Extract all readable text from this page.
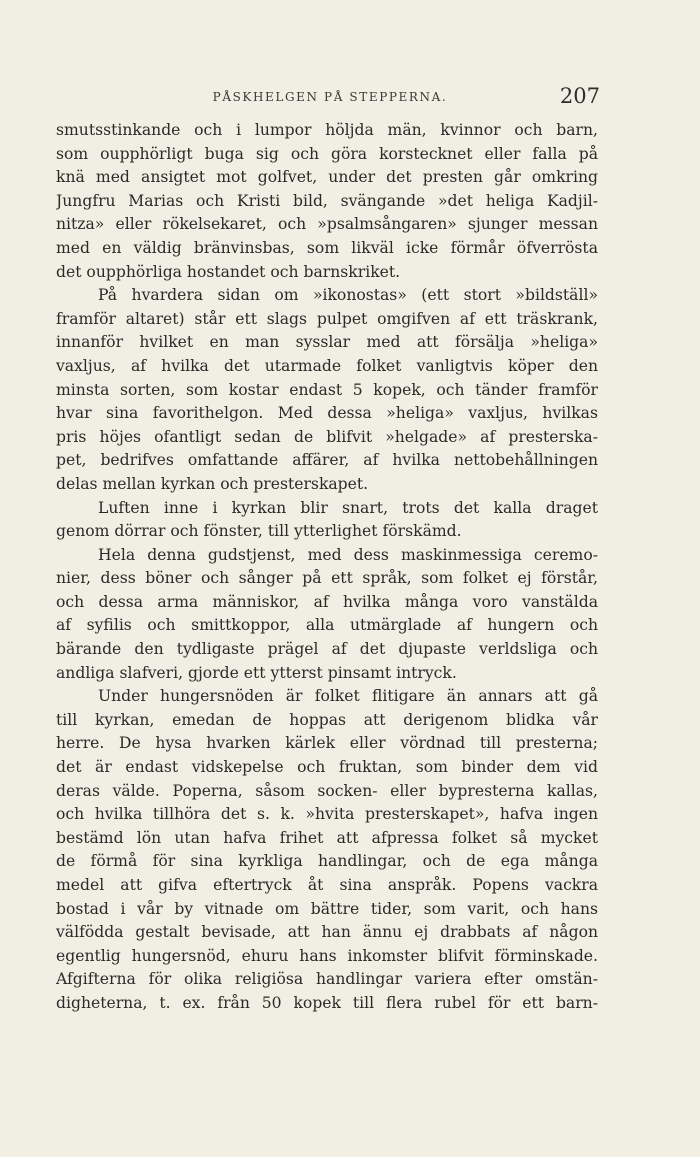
PÅSKHELGEN PÅ STEPPERNA.	207
smutsstinkande och i lumpor höljda män, kvinnor och barn,
som oupphörligt buga sig och göra korstecknet eller falla på
knä med ansigtet mot golfvet, under det presten går omkring
Jungfru Marias och Kristi bild, svängande »det heliga Kadjil-
nitza» eller rökelsekaret, och »psalmsångaren» sjunger messan
med en väldig bränvinsbas, som likväl icke förmår öfverrösta
det oupphörliga hostandet och barnskriket.
På hvardera sidan om »ikonostas» (ett stort »bildställ»
framför altaret) står ett slags pulpet omgifven af ett träskrank,
innanför hvilket en man sysslar med att försälja »heliga»
vaxljus, af hvilka det utarmade folket vanligtvis köper den
minsta sorten, som kostar endast 5 kopek, och tänder framför
hvar sina favorithelgon. Med dessa »heliga» vaxljus, hvilkas
pris höjes ofantligt sedan de blifvit »helgade» af presterska-
pet, bedrifves omfattande affärer, af hvilka nettobehållningen
delas mellan kyrkan och presterskapet.
Luften inne i kyrkan blir snart, trots det kalla draget
genom dörrar och fönster, till ytterlighet förskämd.
Hela denna gudstjenst, med dess maskinmessiga ceremo-
nier, dess böner och sånger på ett språk, som folket ej förstår,
och dessa arma människor, af hvilka många voro vanstälda
af syfilis och smittkoppor, alla utmärglade af hungern och
bärande den tydligaste prägel af det djupaste verldsliga och
andliga slafveri, gjorde ett ytterst pinsamt intryck.
Under hungersnöden är folket flitigare än annars att gå
till kyrkan, emedan de hoppas att derigenom blidka vår
herre. De hysa hvarken kärlek eller vördnad till presterna;
det är endast vidskepelse och fruktan, som binder dem vid
deras välde. Poperna, såsom socken- eller bypresterna kallas,
och hvilka tillhöra det s. k. »hvita presterskapet», hafva ingen
bestämd lön utan hafva frihet att afpressa folket så mycket
de förmå för sina kyrkliga handlingar, och de ega många
medel att gifva eftertryck åt sina anspråk. Popens vackra
bostad i vår by vitnade om bättre tider, som varit, och hans
välfödda gestalt bevisade, att han ännu ej drabbats af någon
egentlig hungersnöd, ehuru hans inkomster blifvit förminskade.
Afgifterna för olika religiösa handlingar variera efter omstän-
digheterna, t. ex. från 50 kopek till flera rubel för ett barn-
